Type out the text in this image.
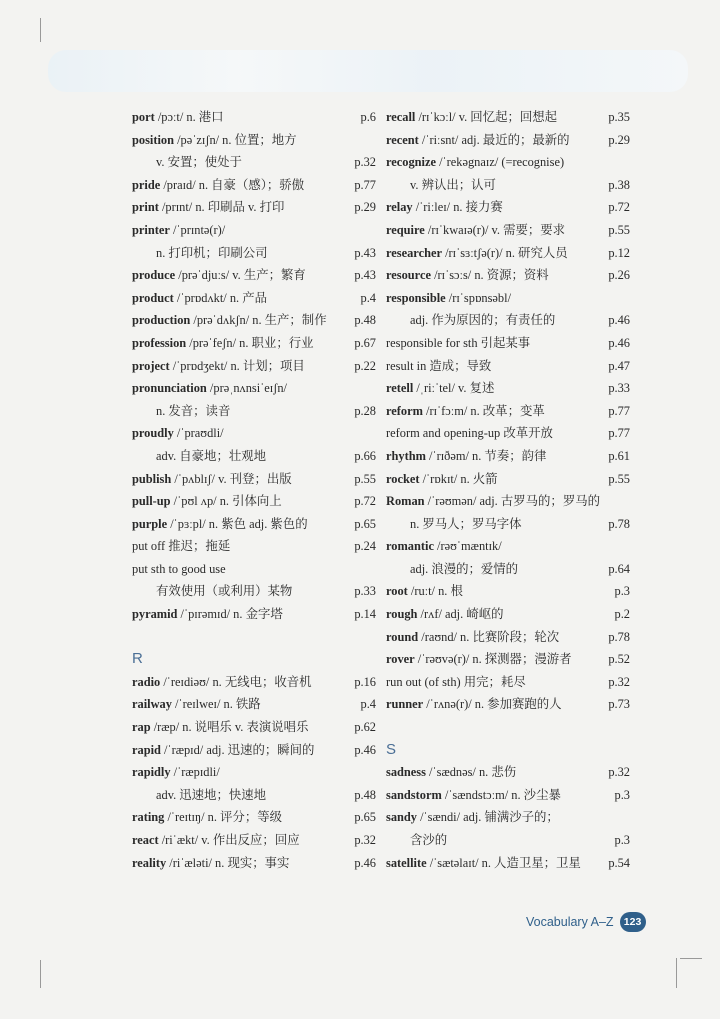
port /pɔːt/ n. 港口	p.6
position /pəˈzɪʃn/ n. 位置；地方
v. 安置；使处于	p.32
pride /praɪd/ n. 自豪（感）；骄傲	p.77
print /prɪnt/ n. 印刷品 v. 打印	p.29
printer /ˈprɪntə(r)/
n. 打印机；印刷公司	p.43
produce /prəˈdjuːs/ v. 生产；繁育	p.43
product /ˈprɒdʌkt/ n. 产品	p.4
production /prəˈdʌkʃn/ n. 生产；制作 p.48
profession /prəˈfeʃn/ n. 职业；行业	p.67
project /ˈprɒdʒekt/ n. 计划；项目	p.22
pronunciation /prəˌnʌnsiˈeɪʃn/
n. 发音；读音	p.28
proudly /ˈpraʊdli/
adv. 自豪地；壮观地	p.66
publish /ˈpʌblɪʃ/ v. 刊登；出版	p.55
pull-up /ˈpʊl ʌp/ n. 引体向上	p.72
purple /ˈpɜːpl/ n. 紫色 adj. 紫色的	p.65
put off 推迟；拖延	p.24
put sth to good use
有效使用（或利用）某物	p.33
pyramid /ˈpɪrəmɪd/ n. 金字塔	p.14
R
radio /ˈreɪdiəʊ/ n. 无线电；收音机	p.16
railway /ˈreɪlweɪ/ n. 铁路	p.4
rap /ræp/ n. 说唱乐 v. 表演说唱乐	p.62
rapid /ˈræpɪd/ adj. 迅速的；瞬间的	p.46
rapidly /ˈræpɪdli/
adv. 迅速地；快速地	p.48
rating /ˈreɪtɪŋ/ n. 评分；等级	p.65
react /riˈækt/ v. 作出反应；回应	p.32
reality /riˈæləti/ n. 现实；事实	p.46
recall /rɪˈkɔːl/ v. 回忆起；回想起	p.35
recent /ˈriːsnt/ adj. 最近的；最新的	p.29
recognize /ˈrekəgnaɪz/ (=recognise)
v. 辨认出；认可	p.38
relay /ˈriːleɪ/ n. 接力赛	p.72
require /rɪˈkwaɪə(r)/ v. 需要；要求	p.55
researcher /rɪˈsɜːtʃə(r)/ n. 研究人员	p.12
resource /rɪˈsɔːs/ n. 资源；资料	p.26
responsible /rɪˈspɒnsəbl/
adj. 作为原因的；有责任的	p.46
responsible for sth 引起某事	p.46
result in 造成；导致	p.47
retell /ˌriːˈtel/ v. 复述	p.33
reform /rɪˈfɔːm/ n. 改革；变革	p.77
reform and opening-up 改革开放	p.77
rhythm /ˈrɪðəm/ n. 节奏；韵律	p.61
rocket /ˈrɒkɪt/ n. 火箭	p.55
Roman /ˈrəʊmən/ adj. 古罗马的；罗马的
n. 罗马人；罗马字体	p.78
romantic /rəʊˈmæntɪk/
adj. 浪漫的；爱情的	p.64
root /ruːt/ n. 根	p.3
rough /rʌf/ adj. 崎岖的	p.2
round /raʊnd/ n. 比赛阶段；轮次	p.78
rover /ˈrəʊvə(r)/ n. 探测器；漫游者	p.52
run out (of sth) 用完；耗尽	p.32
runner /ˈrʌnə(r)/ n. 参加赛跑的人	p.73
S
sadness /ˈsædnəs/ n. 悲伤	p.32
sandstorm /ˈsændstɔːm/ n. 沙尘暴	p.3
sandy /ˈsændi/ adj. 铺满沙子的；
含沙的	p.3
satellite /ˈsætəlaɪt/ n. 人造卫星；卫星 p.54
Vocabulary A–Z 123
